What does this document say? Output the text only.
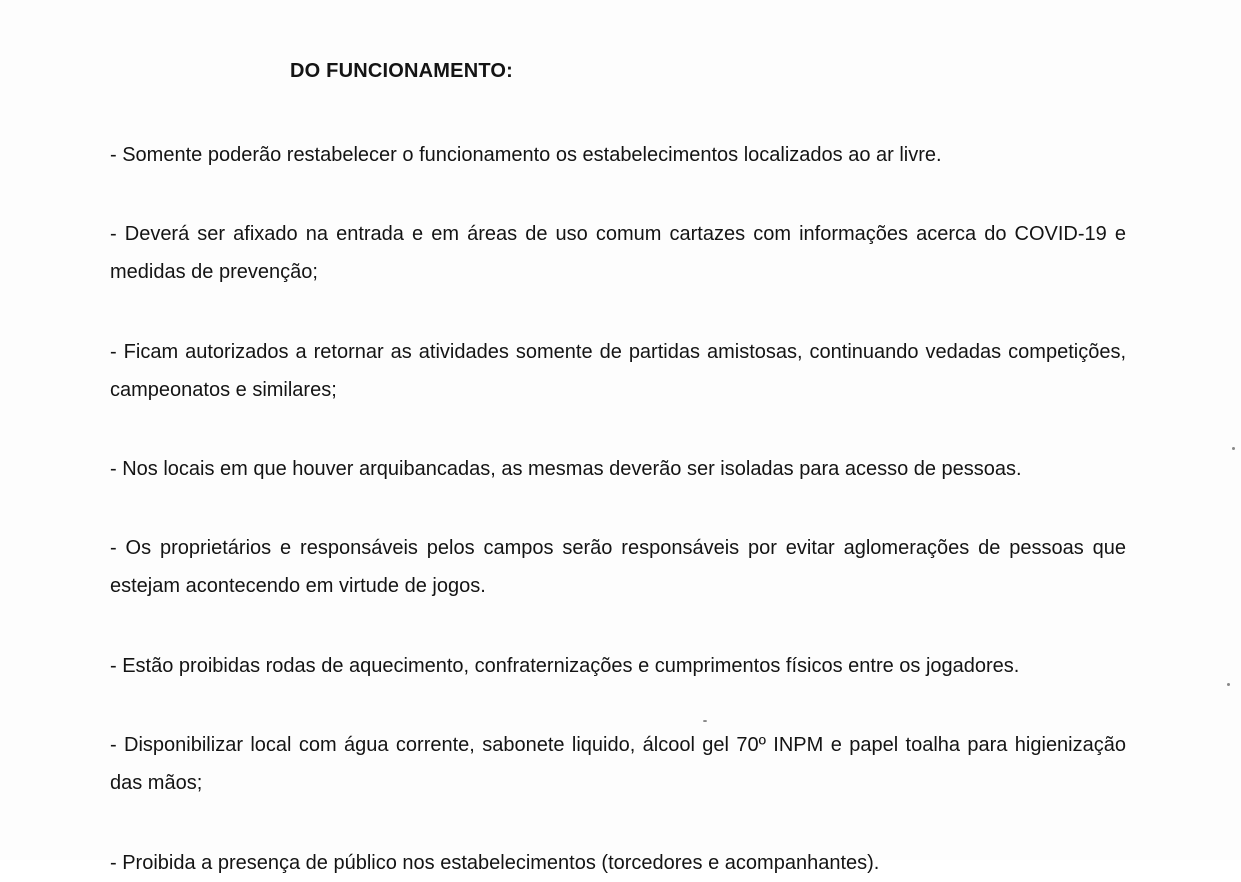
DO FUNCIONAMENTO:
- Somente poderão restabelecer o funcionamento os estabelecimentos localizados ao ar livre.
- Deverá ser afixado na entrada e em áreas de uso comum cartazes com informações acerca do COVID-19 e medidas de prevenção;
- Ficam autorizados a retornar as atividades somente de partidas amistosas, continuando vedadas competições, campeonatos e similares;
- Nos locais em que houver arquibancadas, as mesmas deverão ser isoladas para acesso de pessoas.
- Os proprietários e responsáveis pelos campos serão responsáveis por evitar aglomerações de pessoas que estejam acontecendo em virtude de jogos.
- Estão proibidas rodas de aquecimento, confraternizações e cumprimentos físicos entre os jogadores.
- Disponibilizar local com água corrente, sabonete liquido, álcool gel 70º INPM e papel toalha para higienização das mãos;
- Proibida a presença de público nos estabelecimentos (torcedores e acompanhantes).
